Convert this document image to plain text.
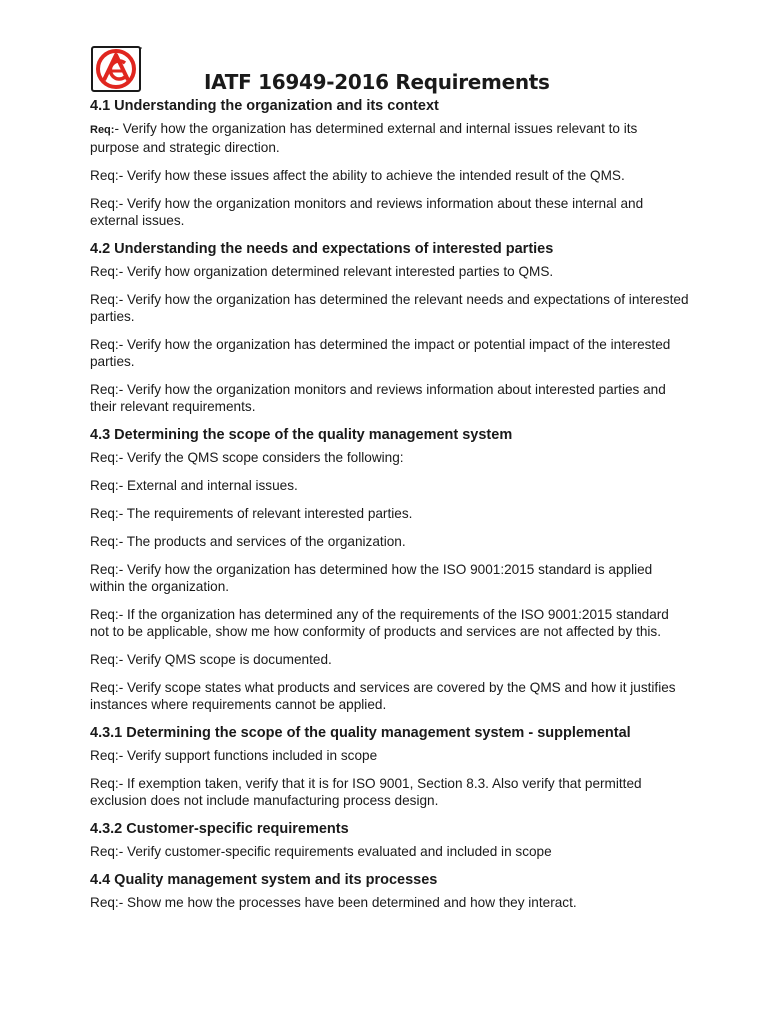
IATF 16949-2016 Requirements
4.1 Understanding the organization and its context

Req:- Verify how the organization has determined external and internal issues relevant to its purpose and strategic direction.

Req:- Verify how these issues affect the ability to achieve the intended result of the QMS.

Req:- Verify how the organization monitors and reviews information about these internal and external issues.

4.2 Understanding the needs and expectations of interested parties

Req:- Verify how organization determined relevant interested parties to QMS.

Req:- Verify how the organization has determined the relevant needs and expectations of interested parties.

Req:- Verify how the organization has determined the impact or potential impact of the interested parties.

Req:- Verify how the organization monitors and reviews information about interested parties and their relevant requirements.

4.3 Determining the scope of the quality management system

Req:- Verify the QMS scope considers the following:

Req:- External and internal issues.

Req:- The requirements of relevant interested parties.

Req:- The products and services of the organization.

Req:- Verify how the organization has determined how the ISO 9001:2015 standard is applied within the organization.

Req:- If the organization has determined any of the requirements of the ISO 9001:2015 standard not to be applicable, show me how conformity of products and services are not affected by this.

Req:- Verify QMS scope is documented.

Req:- Verify scope states what products and services are covered by the QMS and how it justifies instances where requirements cannot be applied.

4.3.1 Determining the scope of the quality management system - supplemental

Req:- Verify support functions included in scope

Req:- If exemption taken, verify that it is for ISO 9001, Section 8.3. Also verify that permitted exclusion does not include manufacturing process design.

4.3.2 Customer-specific requirements

Req:- Verify customer-specific requirements evaluated and included in scope

4.4 Quality management system and its processes

Req:- Show me how the processes have been determined and how they interact.
